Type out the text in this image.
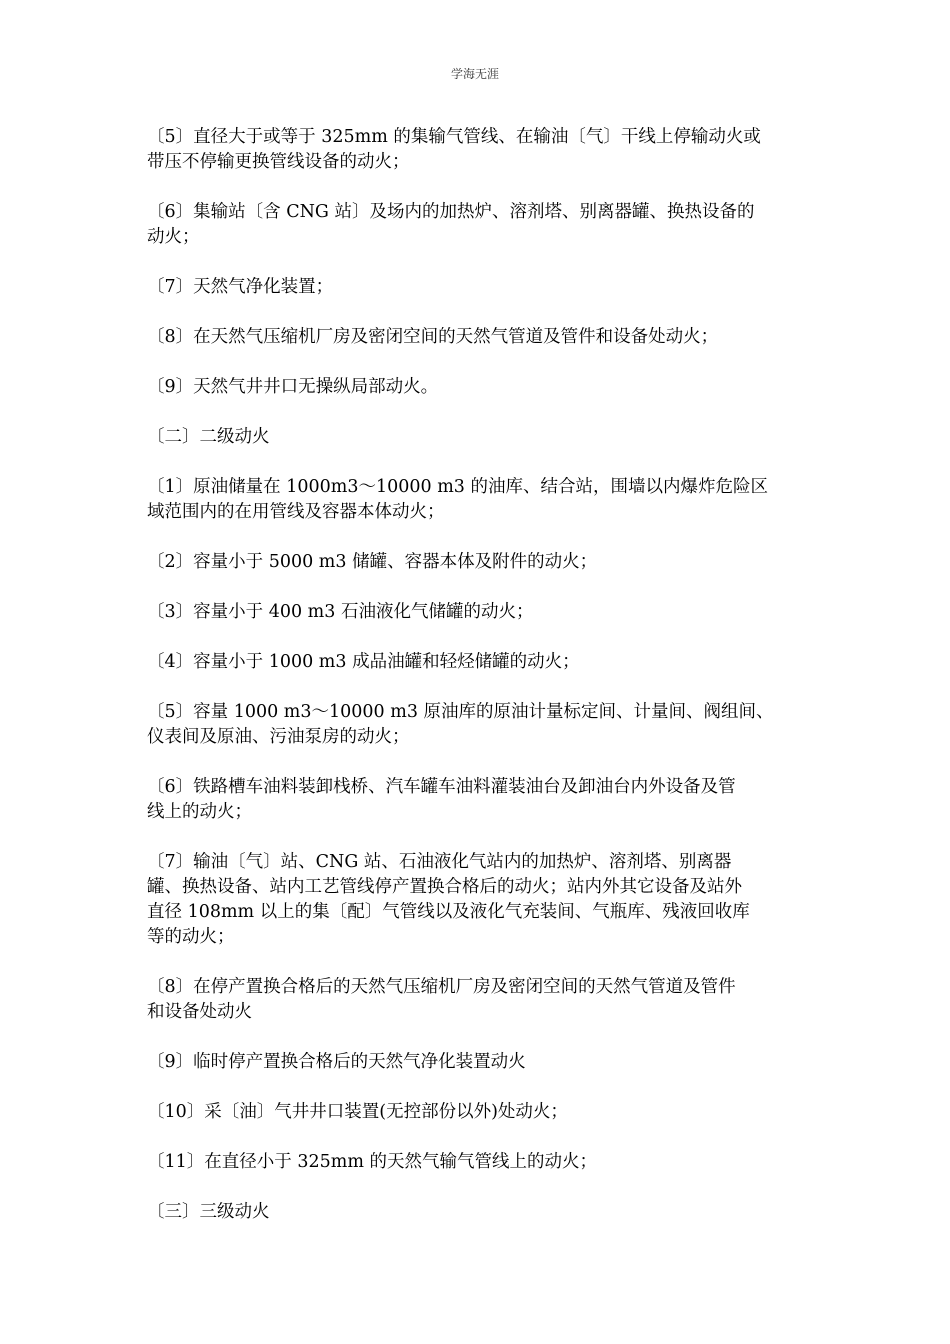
学海无涯

〔5〕直径大于或等于 325mm 的集输气管线、在输油〔气〕干线上停输动火或
带压不停输更换管线设备的动火；

〔6〕集输站〔含 CNG 站〕及场内的加热炉、溶剂塔、别离器罐、换热设备的
动火；

〔7〕天然气净化装置；

〔8〕在天然气压缩机厂房及密闭空间的天然气管道及管件和设备处动火；

〔9〕天然气井井口无操纵局部动火。

〔二〕二级动火

〔1〕原油储量在 1000m3～10000 m3 的油库、结合站，围墙以内爆炸危险区
域范围内的在用管线及容器本体动火；

〔2〕容量小于 5000 m3 储罐、容器本体及附件的动火；

〔3〕容量小于 400 m3 石油液化气储罐的动火；

〔4〕容量小于 1000 m3 成品油罐和轻烃储罐的动火；

〔5〕容量 1000 m3～10000 m3 原油库的原油计量标定间、计量间、阀组间、
仪表间及原油、污油泵房的动火；

〔6〕铁路槽车油料装卸栈桥、汽车罐车油料灌装油台及卸油台内外设备及管
线上的动火；

〔7〕输油〔气〕站、CNG 站、石油液化气站内的加热炉、溶剂塔、别离器
罐、换热设备、站内工艺管线停产置换合格后的动火；站内外其它设备及站外
直径 108mm 以上的集〔配〕气管线以及液化气充装间、气瓶库、残液回收库
等的动火；

〔8〕在停产置换合格后的天然气压缩机厂房及密闭空间的天然气管道及管件
和设备处动火

〔9〕临时停产置换合格后的天然气净化装置动火

〔10〕采〔油〕气井井口装置(无控部份以外)处动火；

〔11〕在直径小于 325mm 的天然气输气管线上的动火；

〔三〕三级动火
